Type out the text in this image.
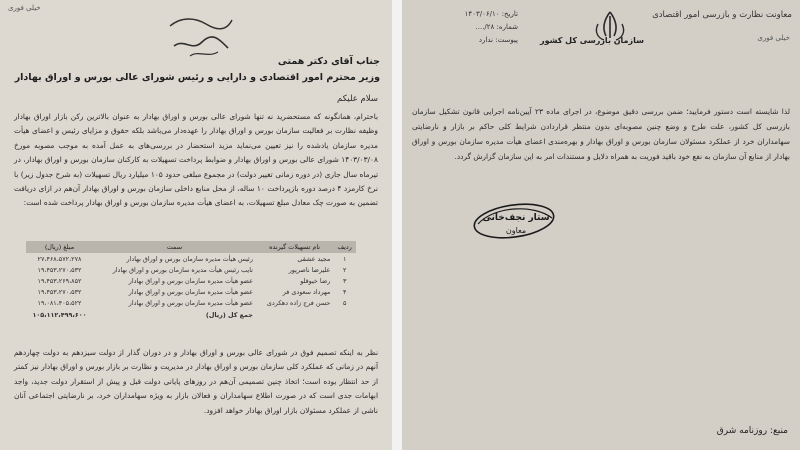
خیلی فوری
جناب آقای دکتر همتی
وزیر محترم امور اقتصادی و دارایی و رئیس شورای عالی بورس و اوراق بهادار
سلام علیکم
باحترام، همانگونه که مستحضرید نه تنها شورای عالی بورس و اوراق بهادار به عنوان بالاترین رکن بازار اوراق بهادار وظیفه نظارت بر فعالیت سازمان بورس و اوراق بهادار را عهده‌دار می‌باشد بلکه حقوق و مزایای رئیس و اعضای هیأت مدیره سازمان یادشده را نیز تعیین می‌نماید مزید استحضار در بررسی‌های به عمل آمده به موجب مصوبه مورخ ۱۴۰۳/۰۳/۰۸ شورای عالی بورس و اوراق بهادار و ضوابط پرداخت تسهیلات به کارکنان سازمان بورس و اوراق بهادار، در تیرماه سال جاری (در دوره زمانی تغییر دولت) در مجموع مبلغی حدود ۱۰۵ میلیارد ریال تسهیلات (به شرح جدول زیر) با نرخ کارمزد ۴ درصد دوره بازپرداخت ۱۰ ساله، از محل منابع داخلی سازمان بورس و اوراق بهادار آن‌هم در ازای دریافت تضمین به صورت چک معادل مبلغ تسهیلات، به اعضای هیأت مدیره سازمان بورس و اوراق بهادار پرداخت شده است:
ردیف	نام تسهیلات گیرنده	سمت	مبلغ (ریال)
۱	مجید عشقی	رئیس هیأت مدیره سازمان بورس و اوراق بهادار	۲۷،۴۶۸،۵۷۲،۲۷۸
۲	علیرضا ناصرپور	نایب رئیس هیأت مدیره سازمان بورس و اوراق بهادار	۱۹،۴۵۳،۲۷۰،۵۳۲
۳	رضا خیوقلو	عضو هیأت مدیره سازمان بورس و اوراق بهادار	۱۹،۴۵۳،۲۶۹،۸۵۲
۴	مهرداد سعودی فر	عضو هیأت مدیره سازمان بورس و اوراق بهادار	۱۹،۴۵۳،۲۷۰،۵۳۲
۵	حسن فرج زاده دهکردی	عضو هیأت مدیره سازمان بورس و اوراق بهادار	۱۹،۰۸۱،۴۰۵،۵۲۲
		جمع کل (ریال)	۱۰۵،۱۱۲،۴۹۹،۶۰۰
نظر به اینکه تصمیم فوق در شورای عالی بورس و اوراق بهادار و در دوران گذار از دولت سیزدهم به دولت چهاردهم آنهم در زمانی که عملکرد کلی سازمان بورس و اوراق بهادار در مدیریت و نظارت بر بازار بورس و اوراق بهادار نیز کمتر از حد انتظار بوده است؛ اتخاذ چنین تصمیمی آن‌هم در روزهای پایانی دولت قبل و پیش از استقرار دولت جدید، واجد ابهامات جدی است که در صورت اطلاع سهامداران و فعالان بازار به ویژه سهامداران خرد، بر نارضایتی اجتماعی آنان ناشی از عملکرد مسئولان بازار اوراق بهادار خواهد افزود.
تاریخ: ۱۴۰۳/۰۶/۱۰
شماره: ۲۸/....
پیوست: ندارد	سازمان بازرسی کل کشور
معاونت نظارت و بازرسی امور اقتصادی
خیلی فوری
لذا شایسته است دستور فرمایید؛ ضمن بررسی دقیق موضوع، در اجرای ماده ۲۳ آیین‌نامه اجرایی قانون تشکیل سازمان بازرسی کل کشور، علت طرح و وضع چنین مصوبه‌ای بدون منتظر قراردادن شرایط کلی حاکم بر بازار و نارضایتی سهامداران خرد از عملکرد مسئولان سازمان بورس و اوراق بهادار و بهره‌مندی اعضای هیأت مدیره سازمان بورس و اوراق بهادار از منابع آن سازمان به نفع خود باقید فوریت به همراه دلایل و مستندات امر به این سازمان گزارش گردد.
ستار نجف‌خانی
معاون
منبع: روزنامه شرق
